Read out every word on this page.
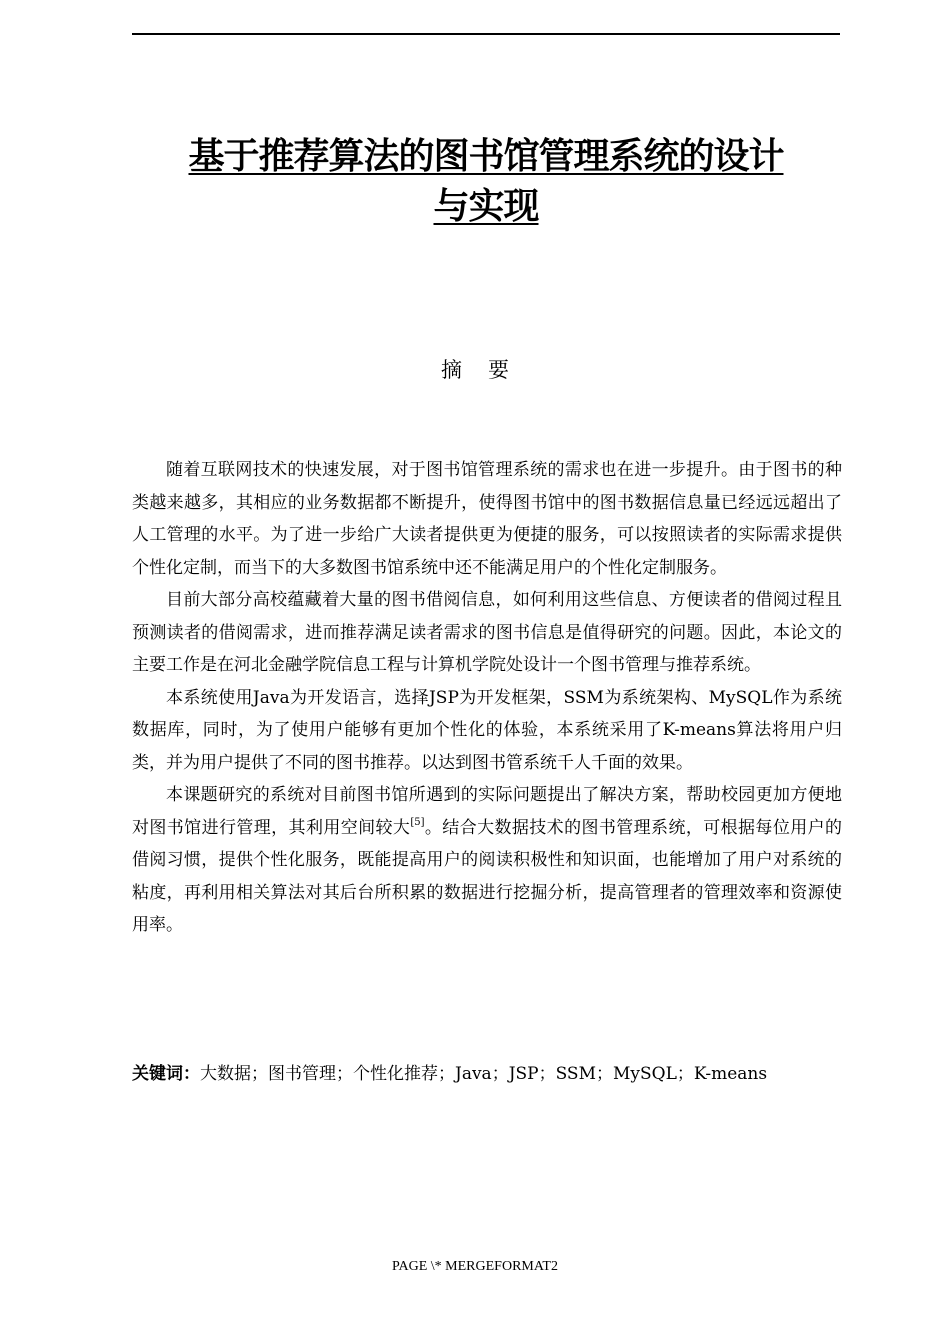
基于推荐算法的图书馆管理系统的设计
与实现
摘要

随着互联网技术的快速发展，对于图书馆管理系统的需求也在进一步提升。由于图书的种类越来越多，其相应的业务数据都不断提升，使得图书馆中的图书数据信息量已经远远超出了人工管理的水平。为了进一步给广大读者提供更为便捷的服务，可以按照读者的实际需求提供个性化定制，而当下的大多数图书馆系统中还不能满足用户的个性化定制服务。

目前大部分高校蕴藏着大量的图书借阅信息，如何利用这些信息、方便读者的借阅过程且预测读者的借阅需求，进而推荐满足读者需求的图书信息是值得研究的问题。因此，本论文的主要工作是在河北金融学院信息工程与计算机学院处设计一个图书管理与推荐系统。

本系统使用Java为开发语言，选择JSP为开发框架，SSM为系统架构、MySQL作为系统数据库，同时，为了使用户能够有更加个性化的体验，本系统采用了K-means算法将用户归类，并为用户提供了不同的图书推荐。以达到图书管系统千人千面的效果。

本课题研究的系统对目前图书馆所遇到的实际问题提出了解决方案，帮助校园更加方便地对图书馆进行管理，其利用空间较大[5]。结合大数据技术的图书管理系统，可根据每位用户的借阅习惯，提供个性化服务，既能提高用户的阅读积极性和知识面，也能增加了用户对系统的粘度，再利用相关算法对其后台所积累的数据进行挖掘分析，提高管理者的管理效率和资源使用率。

关键词：大数据；图书管理；个性化推荐；Java；JSP；SSM；MySQL；K-means
PAGE \* MERGEFORMAT2
